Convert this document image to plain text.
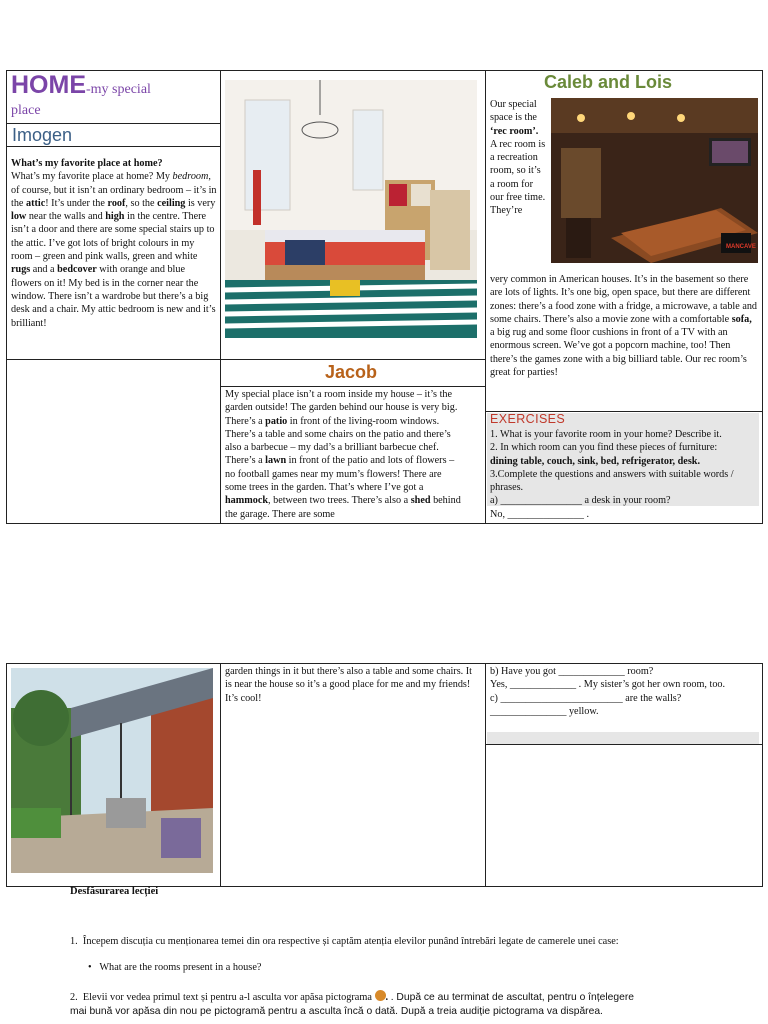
HOME-my special
place
Imogen
What’s my favorite place at home?
What’s my favorite place at home? My bedroom, of course, but it isn’t an ordinary bedroom – it’s in the attic! It’s under the roof, so the ceiling is very low near the walls and high in the centre. There isn’t a door and there are some special stairs up to the attic. I’ve got lots of bright colours in my room – green and pink walls, green and white rugs and a bedcover with orange and blue flowers on it! My bed is in the corner near the window. There isn’t a wardrobe but there’s a big desk and a chair. My attic bedroom is new and it’s brilliant!
Jacob
My special place isn’t a room inside my house – it’s the garden outside! The garden behind our house is very big. There’s a patio in front of the living-room windows. There’s a table and some chairs on the patio and there’s also a barbecue – my dad’s a brilliant barbecue chef. There’s a lawn in front of the patio and lots of flowers – no football games near my mum’s flowers! There are some trees in the garden. That’s where I’ve got a hammock, between two trees. There’s also a shed behind the garage. There are some
Caleb and Lois
MANCAVE
Our special space is the ‘rec room’. A rec room is a recreation room, so it’s a room for our free time. They’re
very common in American houses. It’s in the basement so there are lots of lights. It’s one big, open space, but there are different zones: there’s a food zone with a fridge, a microwave, a table and some chairs. There’s also a movie zone with a comfortable sofa, a big rug and some floor cushions in front of a TV with an enormous screen. We’ve got a popcorn machine, too! Then there’s the games zone with a big billiard table. Our rec room’s great for parties!
EXERCISES
1. What is your favorite room in your home? Describe it.
2. In which room can you find these pieces of furniture:
dining table, couch, sink, bed, refrigerator, desk.
3.Complete the questions and answers with suitable words / phrases.
a) ________________ a desk in your room?
No, _______________ .
garden things in it but there’s also a table and some chairs. It is near the house so it’s a good place for me and my friends! It’s cool!
b) Have you got _____________ room?
Yes, _____________ . My sister’s got her own room, too.
c) ________________________ are the walls?
_______________ yellow.
Desfăsurarea lecției
1. Începem discuția cu menționarea temei din ora respective și captăm atenția elevilor punând întrebări legate de camerele unei case:
• What are the rooms present in a house?
2. Elevii vor vedea primul text și pentru a-l asculta vor apăsa pictograma . . După ce au terminat de ascultat, pentru o înțelegere
mai bună vor apăsa din nou pe pictogramă pentru a asculta încă o dată. După a treia audiție pictograma va dispărea.
